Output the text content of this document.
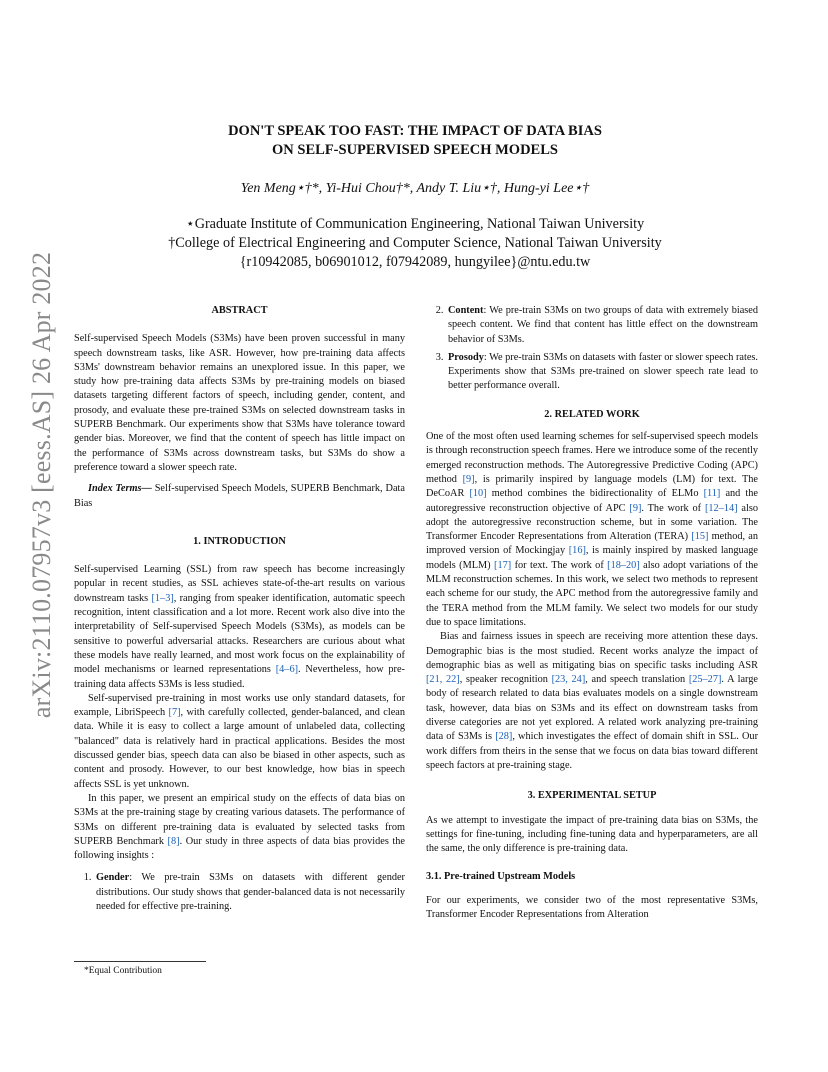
arXiv:2110.07957v3 [eess.AS] 26 Apr 2022
DON'T SPEAK TOO FAST: THE IMPACT OF DATA BIAS
ON SELF-SUPERVISED SPEECH MODELS
Yen Meng⋆†*, Yi-Hui Chou†*, Andy T. Liu⋆†, Hung-yi Lee⋆†
⋆Graduate Institute of Communication Engineering, National Taiwan University
†College of Electrical Engineering and Computer Science, National Taiwan University
{r10942085, b06901012, f07942089, hungyilee}@ntu.edu.tw

ABSTRACT

Self-supervised Speech Models (S3Ms) have been proven successful in many speech downstream tasks, like ASR. However, how pre-training data affects S3Ms' downstream behavior remains an unexplored issue. In this paper, we study how pre-training data affects S3Ms by pre-training models on biased datasets targeting different factors of speech, including gender, content, and prosody, and evaluate these pre-trained S3Ms on selected downstream tasks in SUPERB Benchmark. Our experiments show that S3Ms have tolerance toward gender bias. Moreover, we find that the content of speech has little impact on the performance of S3Ms across downstream tasks, but S3Ms do show a preference toward a slower speech rate.

Index Terms— Self-supervised Speech Models, SUPERB Benchmark, Data Bias

1. INTRODUCTION

Self-supervised Learning (SSL) from raw speech has become increasingly popular in recent studies, as SSL achieves state-of-the-art results on various downstream tasks [1–3], ranging from speaker identification, automatic speech recognition, intent classification and a lot more. Recent work also dive into the interpretability of Self-supervised Speech Models (S3Ms), as models can be sensitive to powerful adversarial attacks. Researchers are curious about what these models have really learned, and most work focus on the explainability of model mechanisms or learned representations [4–6]. Nevertheless, how pre-training data affects S3Ms is less studied.

Self-supervised pre-training in most works use only standard datasets, for example, LibriSpeech [7], with carefully collected, gender-balanced, and clean data. While it is easy to collect a large amount of unlabeled data, collecting "balanced" data is relatively hard in practical applications. Besides the most discussed gender bias, speech data can also be biased in other aspects, such as content and prosody. However, to our best knowledge, how bias in speech affects SSL is yet unknown.

In this paper, we present an empirical study on the effects of data bias on S3Ms at the pre-training stage by creating various datasets. The performance of S3Ms on different pre-training data is evaluated by selected tasks from SUPERB Benchmark [8]. Our study in three aspects of data bias provides the following insights :

1. Gender: We pre-train S3Ms on datasets with different gender distributions. Our study shows that gender-balanced data is not necessarily needed for effective pre-training.
2. Content: We pre-train S3Ms on two groups of data with extremely biased speech content. We find that content has little effect on the downstream behavior of S3Ms.
3. Prosody: We pre-train S3Ms on datasets with faster or slower speech rates. Experiments show that S3Ms pre-trained on slower speech rate lead to better performance overall.

2. RELATED WORK

One of the most often used learning schemes for self-supervised speech models is through reconstruction speech frames. Here we introduce some of the recently emerged reconstruction methods. The Autoregressive Predictive Coding (APC) method [9], is primarily inspired by language models (LM) for text. The DeCoAR [10] method combines the bidirectionality of ELMo [11] and the autoregressive reconstruction objective of APC [9]. The work of [12–14] also adopt the autoregressive reconstruction scheme, but in some variation. The Transformer Encoder Representations from Alteration (TERA) [15] method, an improved version of Mockingjay [16], is mainly inspired by masked language models (MLM) [17] for text. The work of [18–20] also adopt variations of the MLM reconstruction schemes. In this work, we select two methods to represent each scheme for our study, the APC method from the autoregressive family and the TERA method from the MLM family. We select two models for our study due to space limitations.

Bias and fairness issues in speech are receiving more attention these days. Demographic bias is the most studied. Recent works analyze the impact of demographic bias as well as mitigating bias on specific tasks including ASR [21, 22], speaker recognition [23, 24], and speech translation [25–27]. A large body of research related to data bias evaluates models on a single downstream task, however, data bias on S3Ms and its effect on downstream tasks from diverse categories are not yet explored. A related work analyzing pre-training data of S3Ms is [28], which investigates the effect of domain shift in SSL. Our work differs from theirs in the sense that we focus on data bias toward different speech factors at pre-training stage.

3. EXPERIMENTAL SETUP

As we attempt to investigate the impact of pre-training data bias on S3Ms, the settings for fine-tuning, including fine-tuning data and hyperparameters, are all the same, the only difference is pre-training data.

3.1. Pre-trained Upstream Models

For our experiments, we consider two of the most representative S3Ms, Transformer Encoder Representations from Alteration

*Equal Contribution
